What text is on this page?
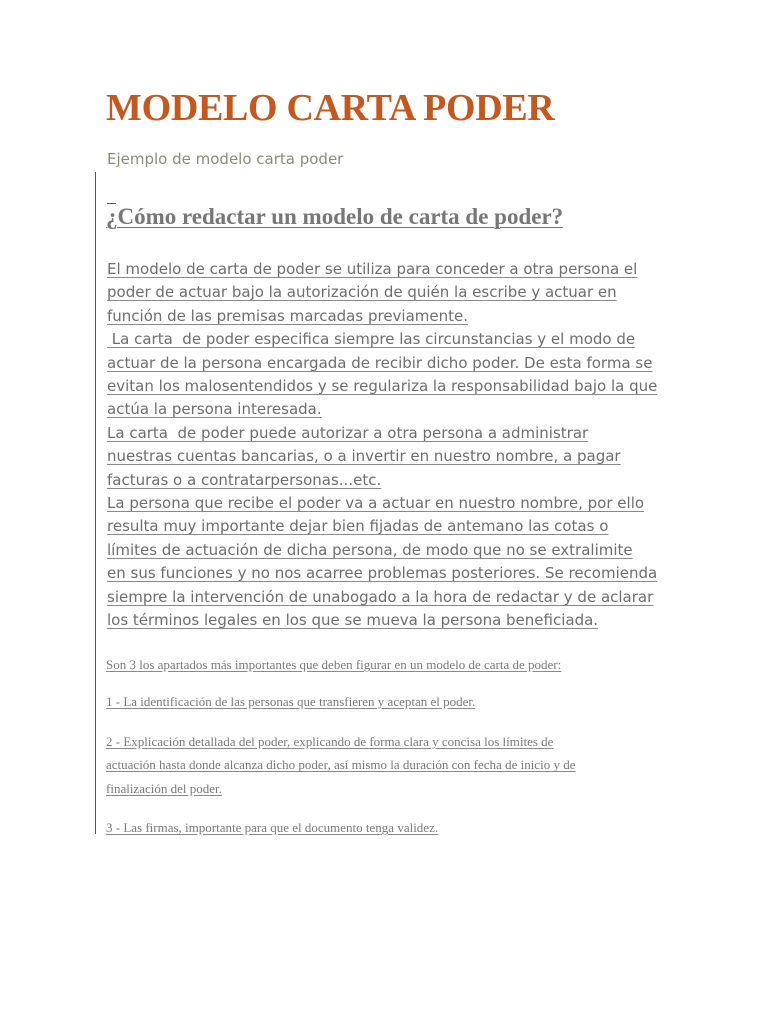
MODELO CARTA PODER
Ejemplo de modelo carta poder
¿Cómo redactar un modelo de carta de poder?
El modelo de carta de poder se utiliza para conceder a otra persona el
poder de actuar bajo la autorización de quién la escribe y actuar en
función de las premisas marcadas previamente.
La carta  de poder especifica siempre las circunstancias y el modo de
actuar de la persona encargada de recibir dicho poder. De esta forma se
evitan los malosentendidos y se regulariza la responsabilidad bajo la que
actúa la persona interesada.
La carta  de poder puede autorizar a otra persona a administrar
nuestras cuentas bancarias, o a invertir en nuestro nombre, a pagar
facturas o a contratarpersonas...etc.
La persona que recibe el poder va a actuar en nuestro nombre, por ello
resulta muy importante dejar bien fijadas de antemano las cotas o
límites de actuación de dicha persona, de modo que no se extralimite
en sus funciones y no nos acarree problemas posteriores. Se recomienda
siempre la intervención de unabogado a la hora de redactar y de aclarar
los términos legales en los que se mueva la persona beneficiada.
Son 3 los apartados más importantes que deben figurar en un modelo de carta de poder:
1 - La identificación de las personas que transfieren y aceptan el poder.
2 - Explicación detallada del poder, explicando de forma clara y concisa los límites de
actuación hasta donde alcanza dicho poder, así mismo la duración con fecha de inicio y de
finalización del poder.
3 - Las firmas, importante para que el documento tenga validez.
